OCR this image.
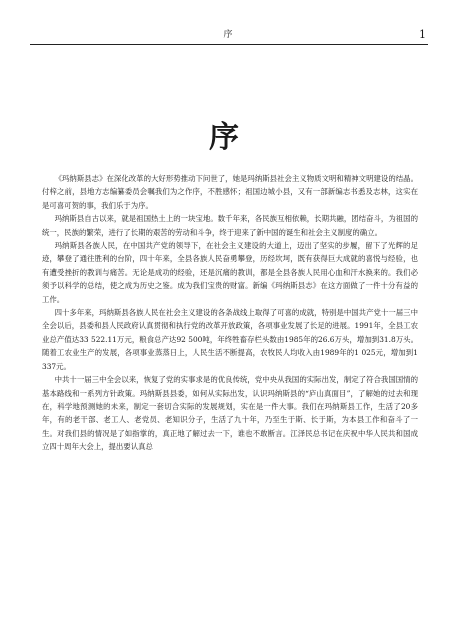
序	1
序

《玛纳斯县志》在深化改革的大好形势推动下问世了，她是玛纳斯县社会主义物质文明和精神文明建设的结晶。付梓之前，县地方志编纂委员会嘱我们为之作序，不胜感怀；祖国边城小县，又有一部新编志书悉及志林，这实在是可喜可贺的事，我们乐于为序。

玛纳斯县自古以来，就是祖国热土上的一块宝地。数千年来，各民族互相依赖，长期共融，团结奋斗，为祖国的统一，民族的繁荣，进行了长期的艰苦的劳动和斗争，终于迎来了新中国的诞生和社会主义制度的确立。

玛纳斯县各族人民，在中国共产党的领导下，在社会主义建设的大道上，迈出了坚实的步履，留下了光辉的足迹，攀登了通往胜利的台阶，四十年来，全县各族人民奋勇攀登，历经坎坷，既有获得巨大成就的喜悦与经验，也有遭受挫折的教训与痛苦。无论是成功的经验，还是沉痛的教训，都是全县各族人民用心血和汗水换来的。我们必须予以科学的总结，使之成为历史之鉴。成为我们宝贵的财富。新编《玛纳斯县志》在这方面做了一件十分有益的工作。

四十多年来，玛纳斯县各族人民在社会主义建设的各条战线上取得了可喜的成就，特别是中国共产党十一届三中全会以后，县委和县人民政府认真贯彻和执行党的改革开放政策，各项事业发展了长足的进展。1991年，全县工农业总产值达33 522.11万元，粮食总产达92 500吨，年终牲畜存栏头数由1985年的26.6万头，增加到31.8万头。随着工农业生产的发展，各项事业蒸蒸日上，人民生活不断提高，农牧民人均收入由1989年的1 025元，增加到1 337元。

中共十一届三中全会以来，恢复了党的实事求是的优良传统，党中央从我国的实际出发，制定了符合我国国情的基本路线和一系列方针政策。玛纳斯县县委，如何从实际出发，认识玛纳斯县的“庐山真面目”，了解她的过去和现在，科学地预测她的未来，制定一套切合实际的发展规划，实在是一件大事。我们在玛纳斯县工作，生活了20多年，有的老干部、老工人、老党员、老知识分子，生活了九十年，乃至生于斯、长于斯，为本县工作和奋斗了一生。对我们县的情况是了如指掌的，真正地了解过去一下，谁也不敢断言。江泽民总书记在庆祝中华人民共和国成立四十周年大会上，提出要认真总
